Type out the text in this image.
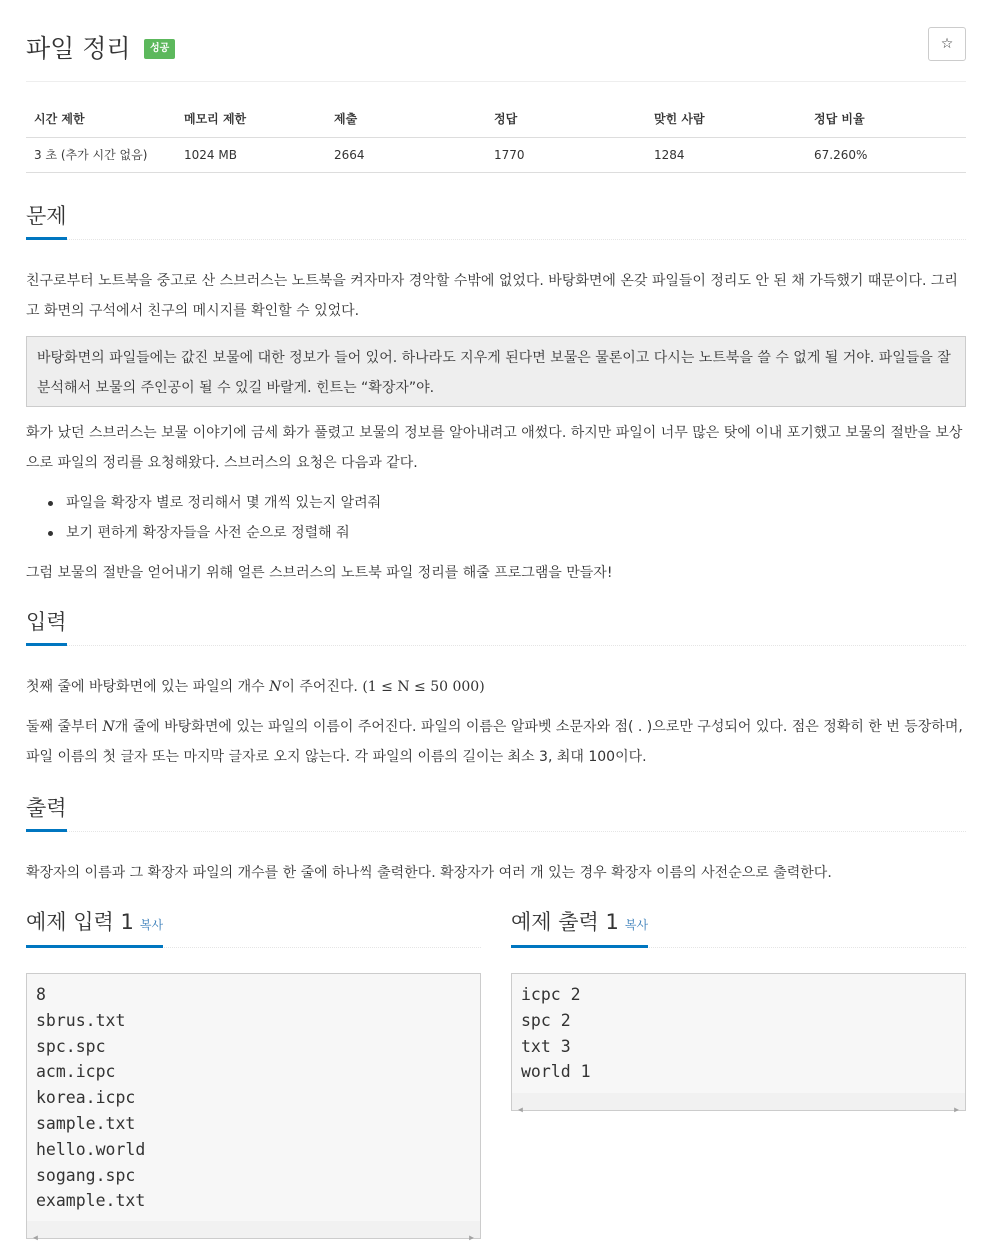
파일 정리	성공	☆
시간 제한	메모리 제한	제출	정답	맞힌 사람	정답 비율
3 초 (추가 시간 없음)	1024 MB	2664	1770	1284	67.260%
문제
친구로부터 노트북을 중고로 산 스브러스는 노트북을 켜자마자 경악할 수밖에 없었다. 바탕화면에 온갖 파일들이 정리도 안 된 채 가득했기 때문이다. 그리고 화면의 구석에서 친구의 메시지를 확인할 수 있었다.
바탕화면의 파일들에는 값진 보물에 대한 정보가 들어 있어. 하나라도 지우게 된다면 보물은 물론이고 다시는 노트북을 쓸 수 없게 될 거야. 파일들을 잘 분석해서 보물의 주인공이 될 수 있길 바랄게. 힌트는 “확장자”야.
화가 났던 스브러스는 보물 이야기에 금세 화가 풀렸고 보물의 정보를 알아내려고 애썼다. 하지만 파일이 너무 많은 탓에 이내 포기했고 보물의 절반을 보상으로 파일의 정리를 요청해왔다. 스브러스의 요청은 다음과 같다.
파일을 확장자 별로 정리해서 몇 개씩 있는지 알려줘
보기 편하게 확장자들을 사전 순으로 정렬해 줘
그럼 보물의 절반을 얻어내기 위해 얼른 스브러스의 노트북 파일 정리를 해줄 프로그램을 만들자!
입력
첫째 줄에 바탕화면에 있는 파일의 개수 N이 주어진다. (1 ≤ N ≤ 50 000)
둘째 줄부터 N개 줄에 바탕화면에 있는 파일의 이름이 주어진다. 파일의 이름은 알파벳 소문자와 점( . )으로만 구성되어 있다. 점은 정확히 한 번 등장하며, 파일 이름의 첫 글자 또는 마지막 글자로 오지 않는다. 각 파일의 이름의 길이는 최소 3, 최대 100이다.
출력
확장자의 이름과 그 확장자 파일의 개수를 한 줄에 하나씩 출력한다. 확장자가 여러 개 있는 경우 확장자 이름의 사전순으로 출력한다.
예제 입력 1 복사	예제 출력 1 복사
8
sbrus.txt
spc.spc
acm.icpc
korea.icpc
sample.txt
hello.world
sogang.spc
example.txt
◀	▶
icpc 2
spc 2
txt 3
world 1
◀	▶
